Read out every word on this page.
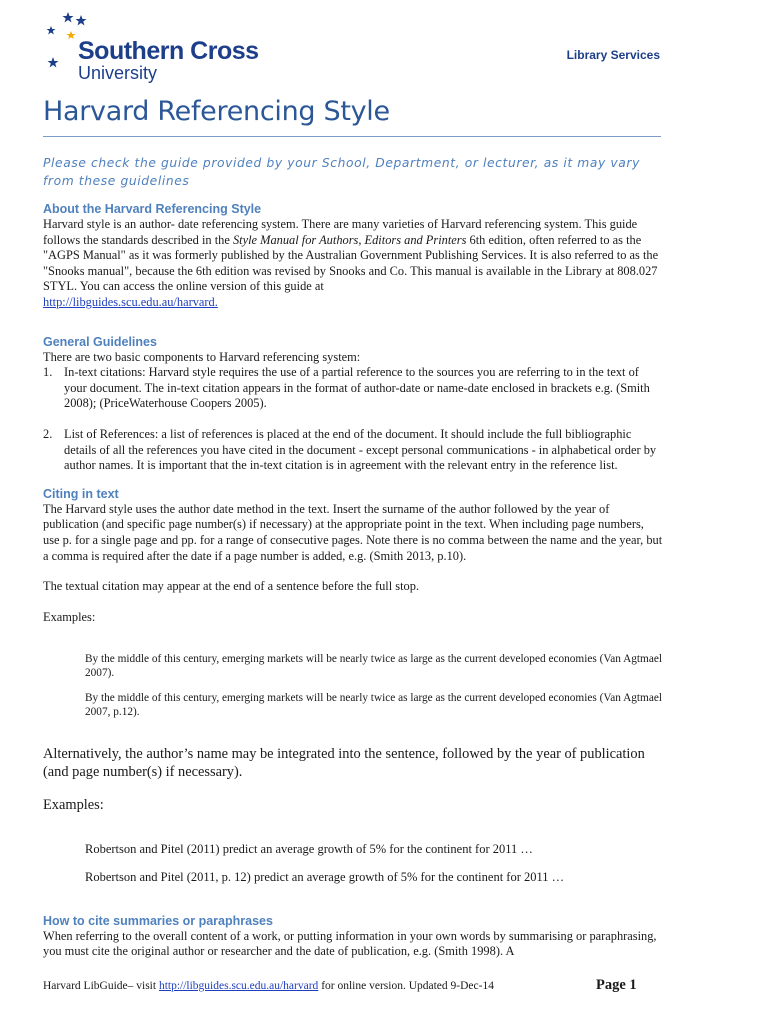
Southern Cross
University
Library Services
Harvard Referencing Style

Please check the guide provided by your School, Department, or lecturer, as it may vary from these guidelines

About the Harvard Referencing Style

Harvard style is an author- date referencing system. There are many varieties of Harvard referencing system. This guide follows the standards described in the Style Manual for Authors, Editors and Printers 6th edition, often referred to as the "AGPS Manual" as it was formerly published by the Australian Government Publishing Services. It is also referred to as the "Snooks manual", because the 6th edition was revised by Snooks and Co. This manual is available in the Library at 808.027 STYL. You can access the online version of this guide at
http://libguides.scu.edu.au/harvard.

General Guidelines

There are two basic components to Harvard referencing system:

1. In-text citations: Harvard style requires the use of a partial reference to the sources you are referring to in the text of your document. The in-text citation appears in the format of author-date or name-date enclosed in brackets e.g. (Smith 2008); (PriceWaterhouse Coopers 2005).
2. List of References: a list of references is placed at the end of the document. It should include the full bibliographic details of all the references you have cited in the document - except personal communications - in alphabetical order by author names. It is important that the in-text citation is in agreement with the relevant entry in the reference list.
Citing in text

The Harvard style uses the author date method in the text. Insert the surname of the author followed by the year of publication (and specific page number(s) if necessary) at the appropriate point in the text. When including page numbers, use p. for a single page and pp. for a range of consecutive pages. Note there is no comma between the name and the year, but a comma is required after the date if a page number is added, e.g. (Smith 2013, p.10).

The textual citation may appear at the end of a sentence before the full stop.

Examples:

By the middle of this century, emerging markets will be nearly twice as large as the current developed economies (Van Agtmael 2007).

By the middle of this century, emerging markets will be nearly twice as large as the current developed economies (Van Agtmael 2007, p.12).

Alternatively, the author’s name may be integrated into the sentence, followed by the year of publication (and page number(s) if necessary).

Examples:

Robertson and Pitel (2011) predict an average growth of 5% for the continent for 2011 …

Robertson and Pitel (2011, p. 12) predict an average growth of 5% for the continent for 2011 …

How to cite summaries or paraphrases

When referring to the overall content of a work, or putting information in your own words by summarising or paraphrasing, you must cite the original author or researcher and the date of publication, e.g. (Smith 1998). A

Harvard LibGuide– visit http://libguides.scu.edu.au/harvard for online version. Updated 9-Dec-14	Page 1
